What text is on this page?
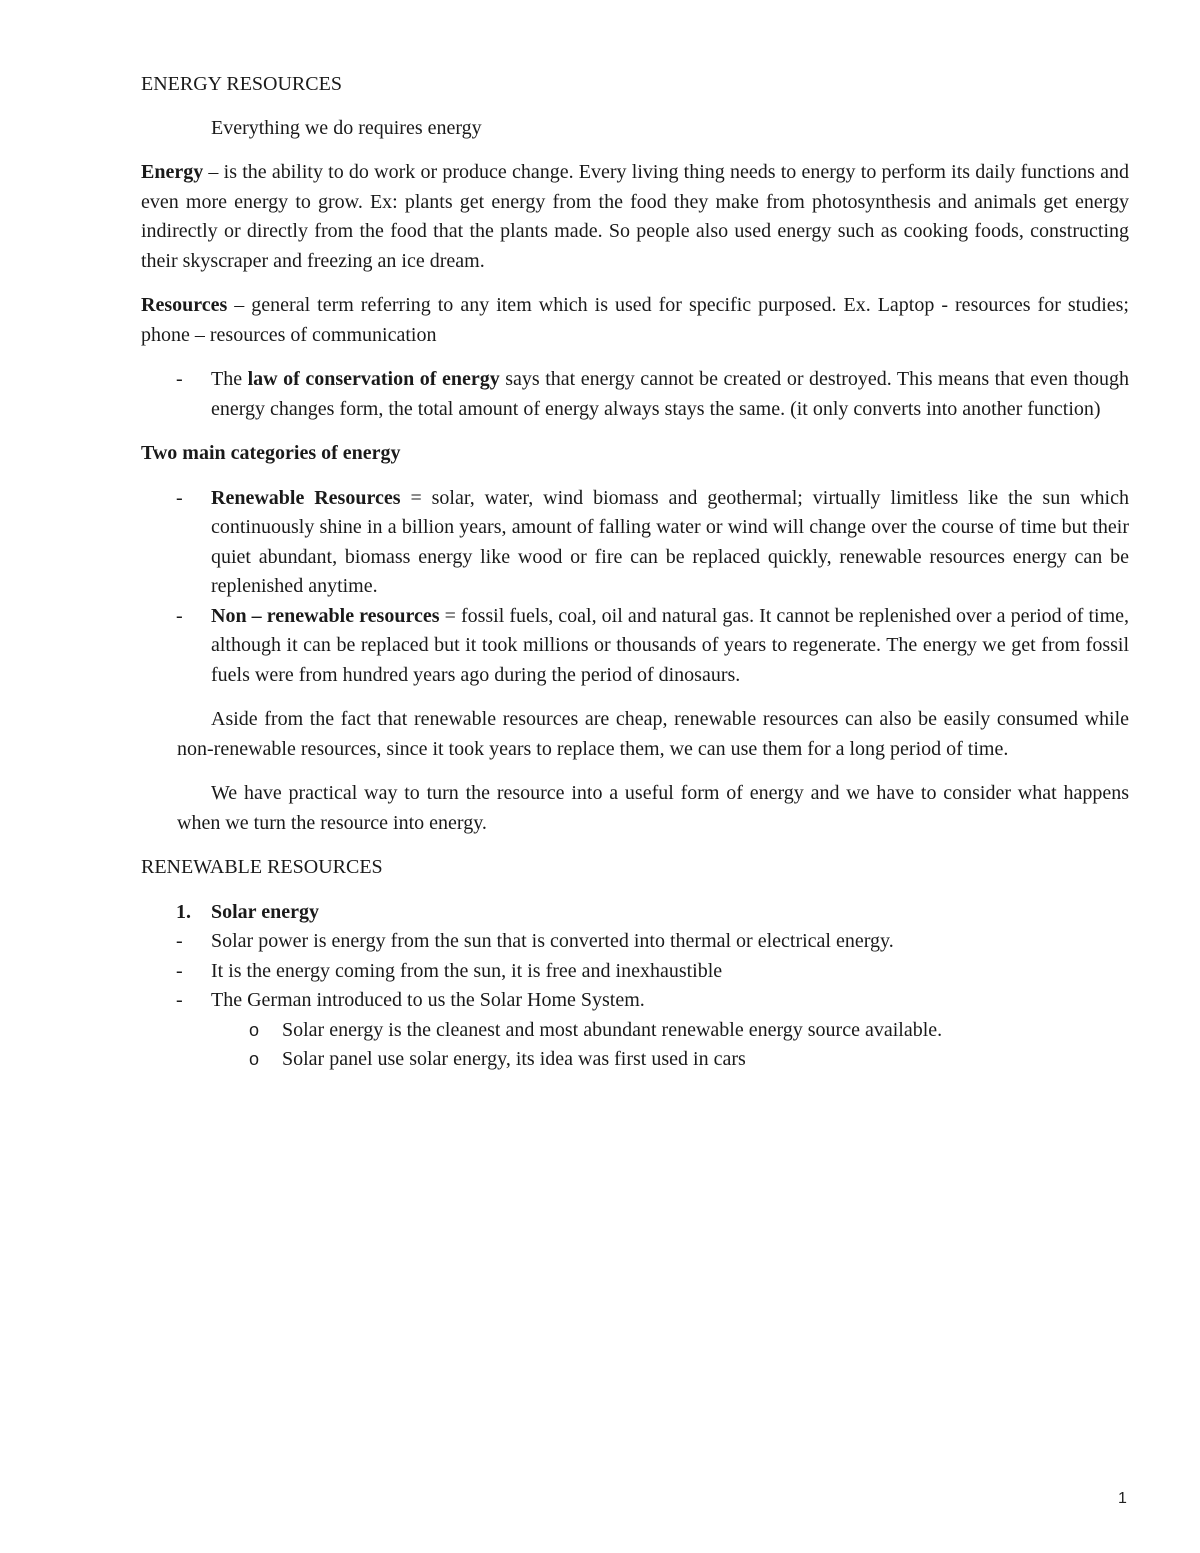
ENERGY RESOURCES

Everything we do requires energy

Energy – is the ability to do work or produce change. Every living thing needs to energy to perform its daily functions and even more energy to grow. Ex: plants get energy from the food they make from photosynthesis and animals get energy indirectly or directly from the food that the plants made. So people also used energy such as cooking foods, constructing their skyscraper and freezing an ice dream.

Resources – general term referring to any item which is used for specific purposed. Ex. Laptop - resources for studies; phone – resources of communication

- The law of conservation of energy says that energy cannot be created or destroyed. This means that even though energy changes form, the total amount of energy always stays the same. (it only converts into another function)

Two main categories of energy

- Renewable Resources = solar, water, wind biomass and geothermal; virtually limitless like the sun which continuously shine in a billion years, amount of falling water or wind will change over the course of time but their quiet abundant, biomass energy like wood or fire can be replaced quickly, renewable resources energy can be replenished anytime.
- Non – renewable resources = fossil fuels, coal, oil and natural gas. It cannot be replenished over a period of time, although it can be replaced but it took millions or thousands of years to regenerate. The energy we get from fossil fuels were from hundred years ago during the period of dinosaurs.

Aside from the fact that renewable resources are cheap, renewable resources can also be easily consumed while non-renewable resources, since it took years to replace them, we can use them for a long period of time.

We have practical way to turn the resource into a useful form of energy and we have to consider what happens when we turn the resource into energy.

RENEWABLE RESOURCES

1. Solar energy
- Solar power is energy from the sun that is converted into thermal or electrical energy.
- It is the energy coming from the sun, it is free and inexhaustible
- The German introduced to us the Solar Home System.
o Solar energy is the cleanest and most abundant renewable energy source available.
o Solar panel use solar energy, its idea was first used in cars
1
